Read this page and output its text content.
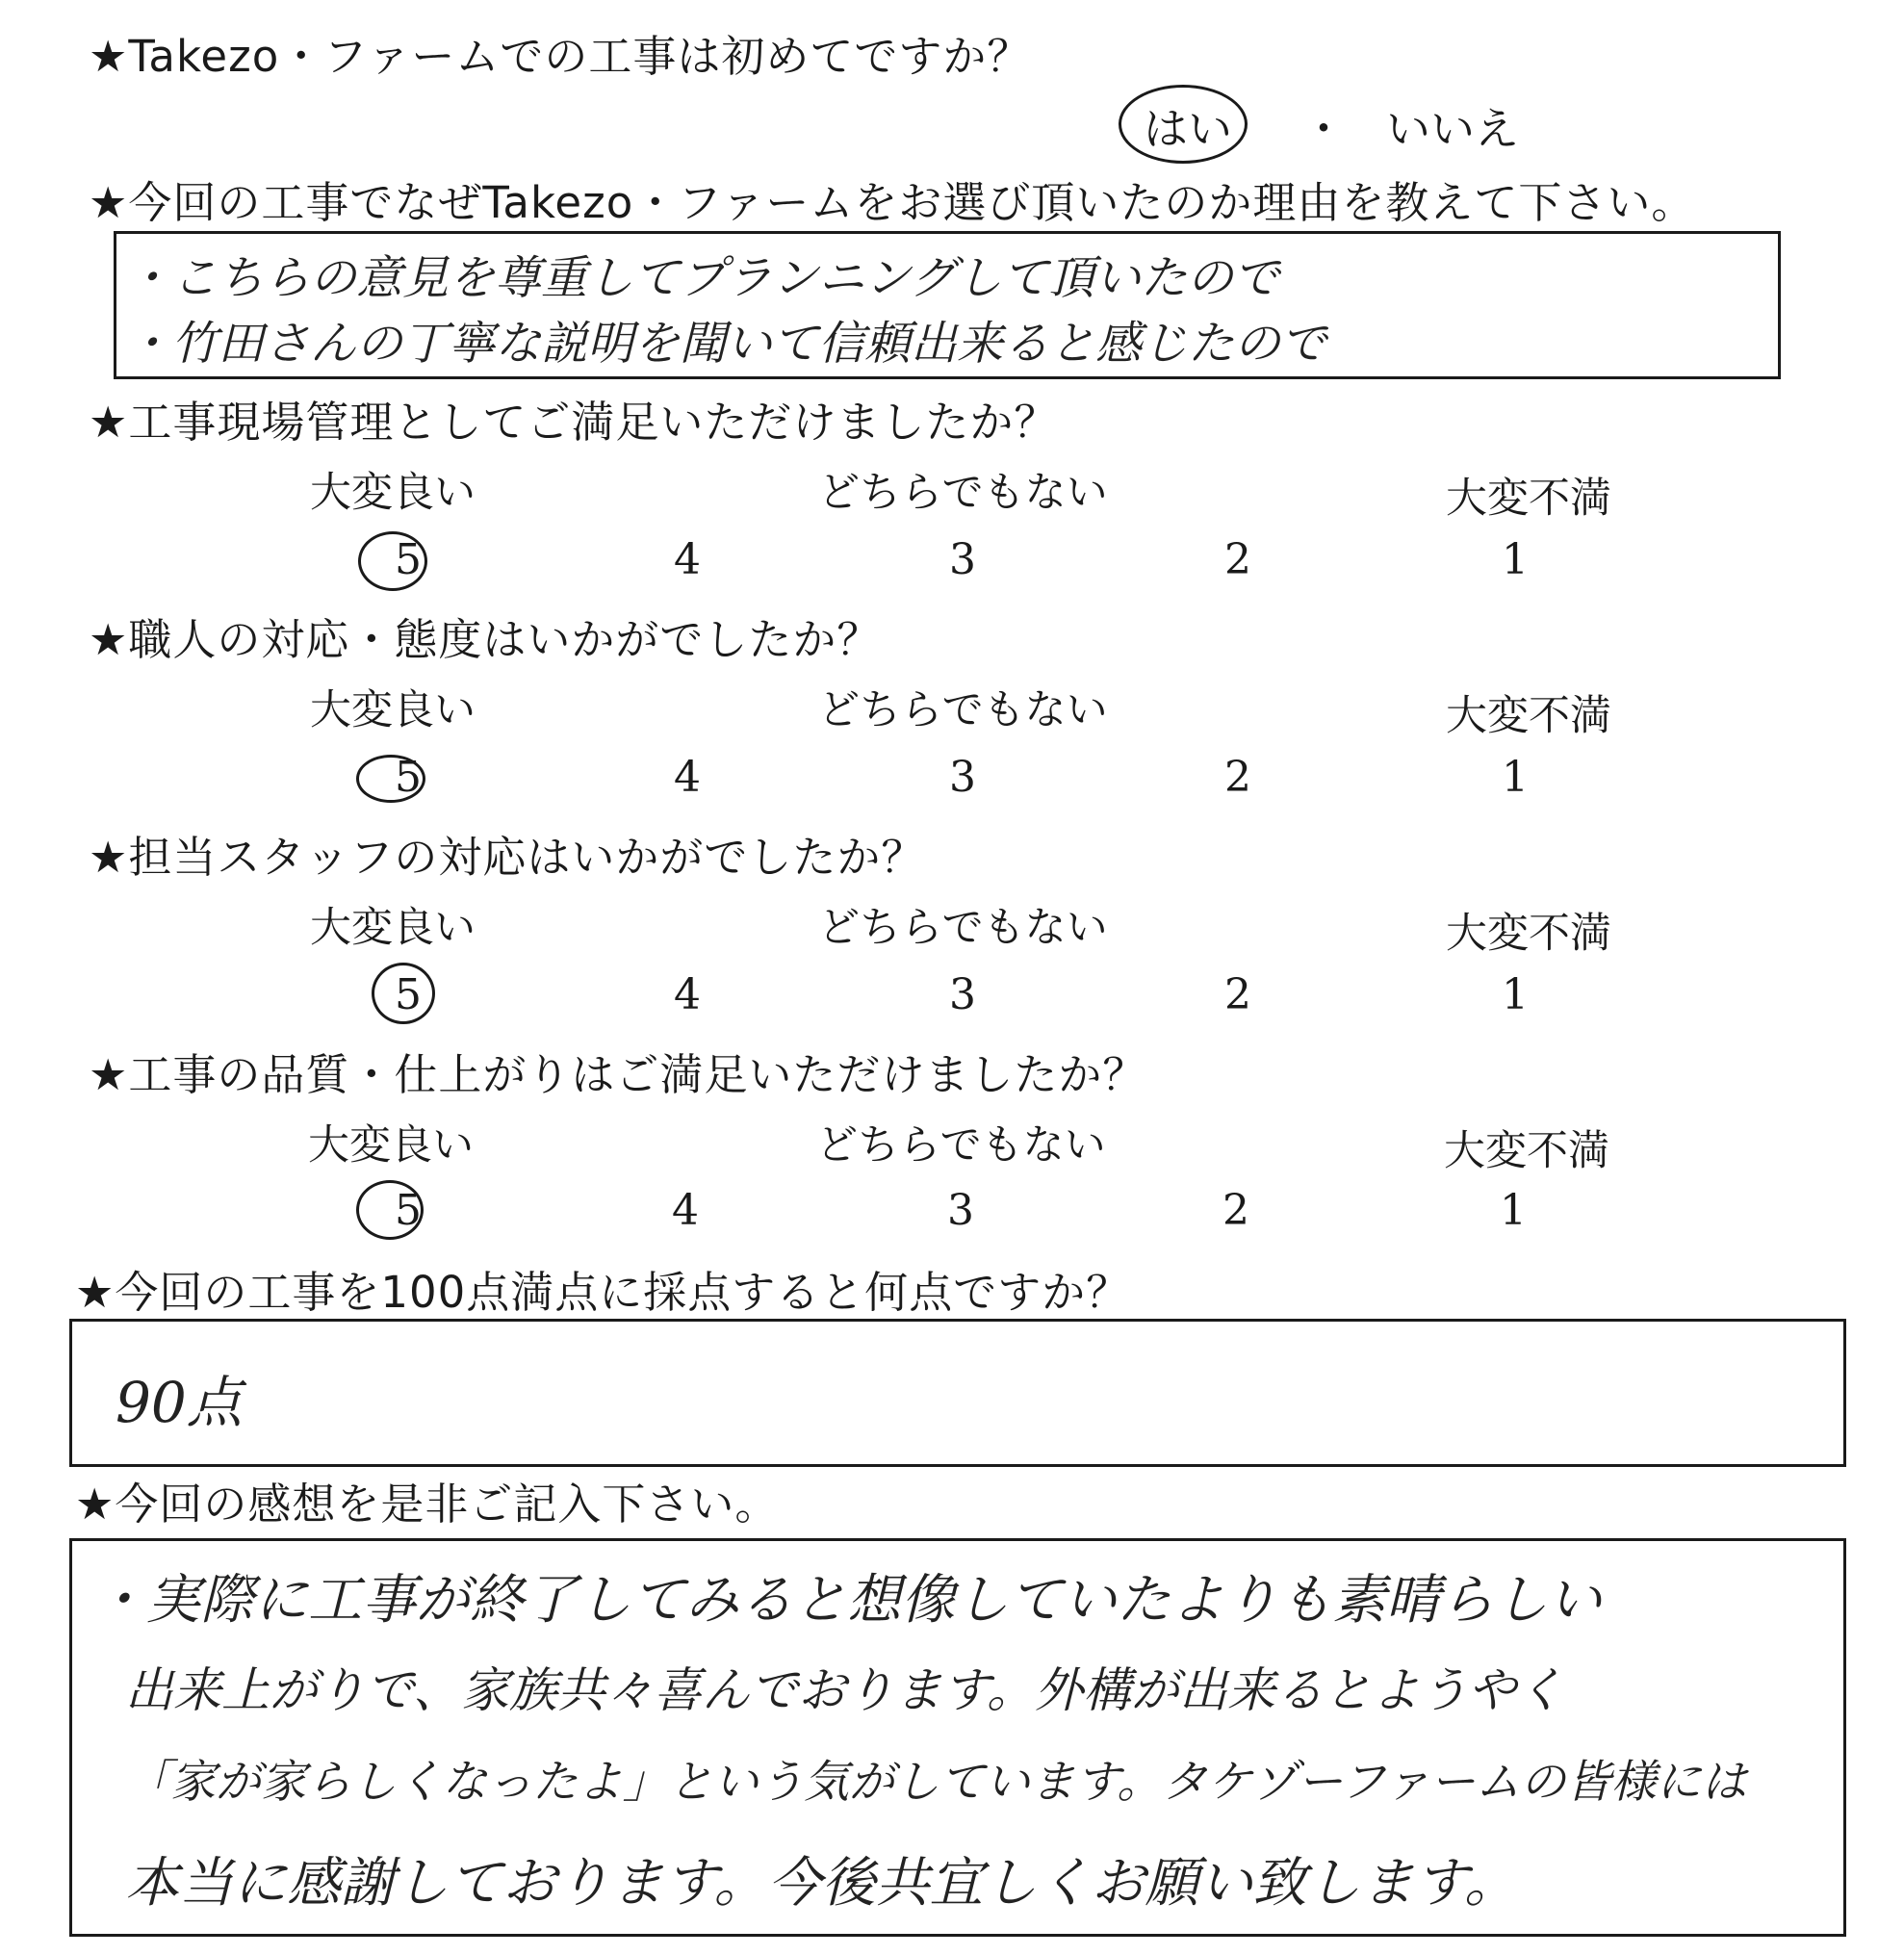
★Takezo・ファームでの工事は初めてですか？
はい ・ いいえ
★今回の工事でなぜTakezo・ファームをお選び頂いたのか理由を教えて下さい。
・こちらの意見を尊重してプランニングして頂いたので
・竹田さんの丁寧な説明を聞いて信頼出来ると感じたので
★工事現場管理としてご満足いただけましたか？
大変良い	どちらでもない	大変不満
5	4	3	2	1
★職人の対応・態度はいかがでしたか？
大変良い	どちらでもない	大変不満
5	4	3	2	1
★担当スタッフの対応はいかがでしたか？
大変良い	どちらでもない	大変不満
5	4	3	2	1
★工事の品質・仕上がりはご満足いただけましたか？
大変良い	どちらでもない	大変不満
5	4	3	2	1
★今回の工事を100点満点に採点すると何点ですか？
90点
★今回の感想を是非ご記入下さい。
・実際に工事が終了してみると想像していたよりも素晴らしい
出来上がりで、家族共々喜んでおります。外構が出来るとようやく
「家が家らしくなったよ」という気がしています。タケゾーファームの皆様には
本当に感謝しております。今後共宜しくお願い致します。
